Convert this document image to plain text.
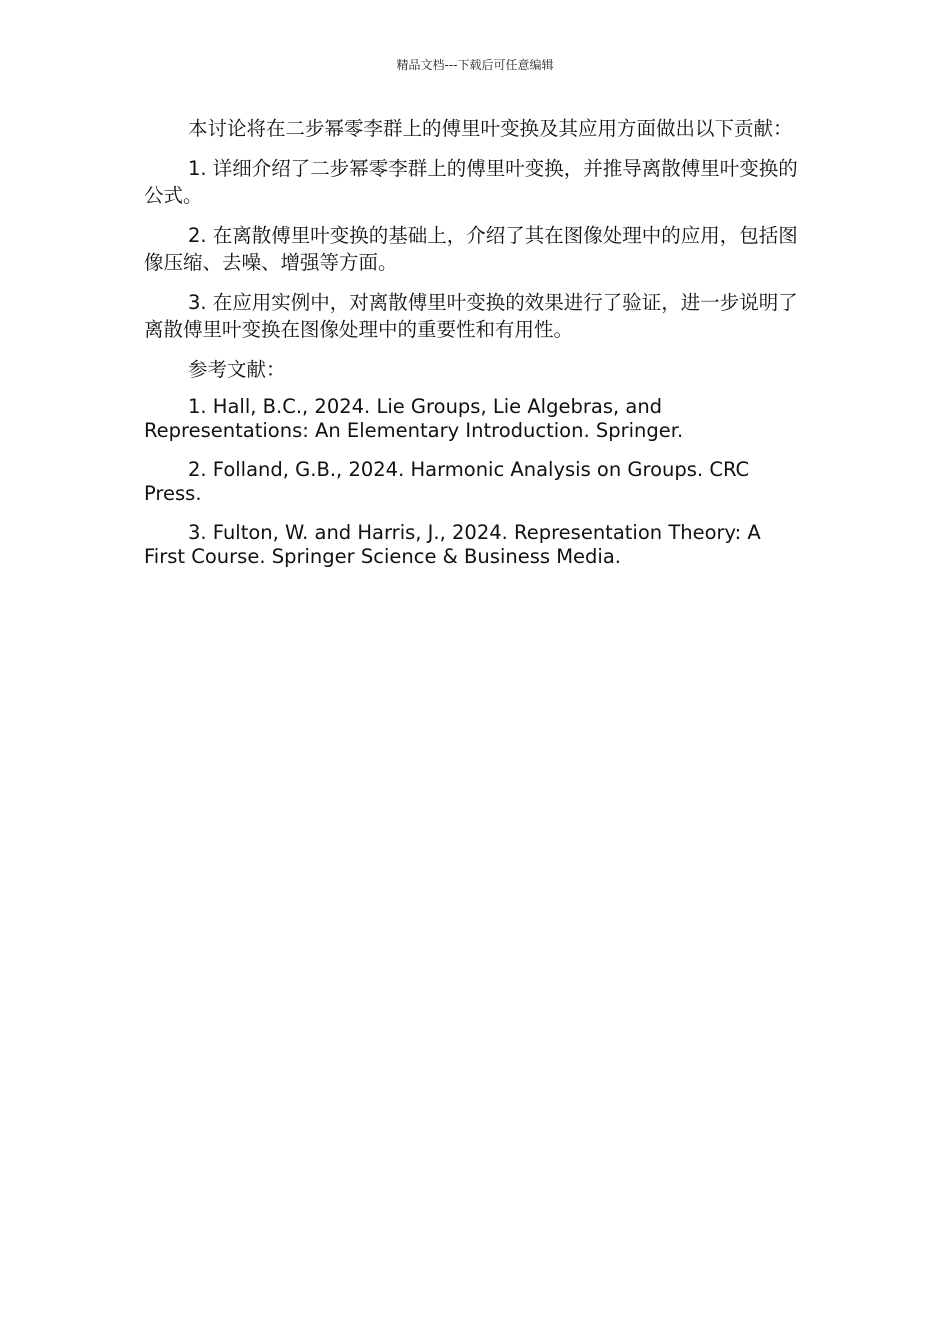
精品文档---下载后可任意编辑

本讨论将在二步幂零李群上的傅里叶变换及其应用方面做出以下贡献：

1. 详细介绍了二步幂零李群上的傅里叶变换，并推导离散傅里叶变换的公式。

2. 在离散傅里叶变换的基础上，介绍了其在图像处理中的应用，包括图像压缩、去噪、增强等方面。

3. 在应用实例中，对离散傅里叶变换的效果进行了验证，进一步说明了离散傅里叶变换在图像处理中的重要性和有用性。

参考文献：

1. Hall, B.C., 2024. Lie Groups, Lie Algebras, and Representations: An Elementary Introduction. Springer.

2. Folland, G.B., 2024. Harmonic Analysis on Groups. CRC Press.

3. Fulton, W. and Harris, J., 2024. Representation Theory: A First Course. Springer Science & Business Media.
